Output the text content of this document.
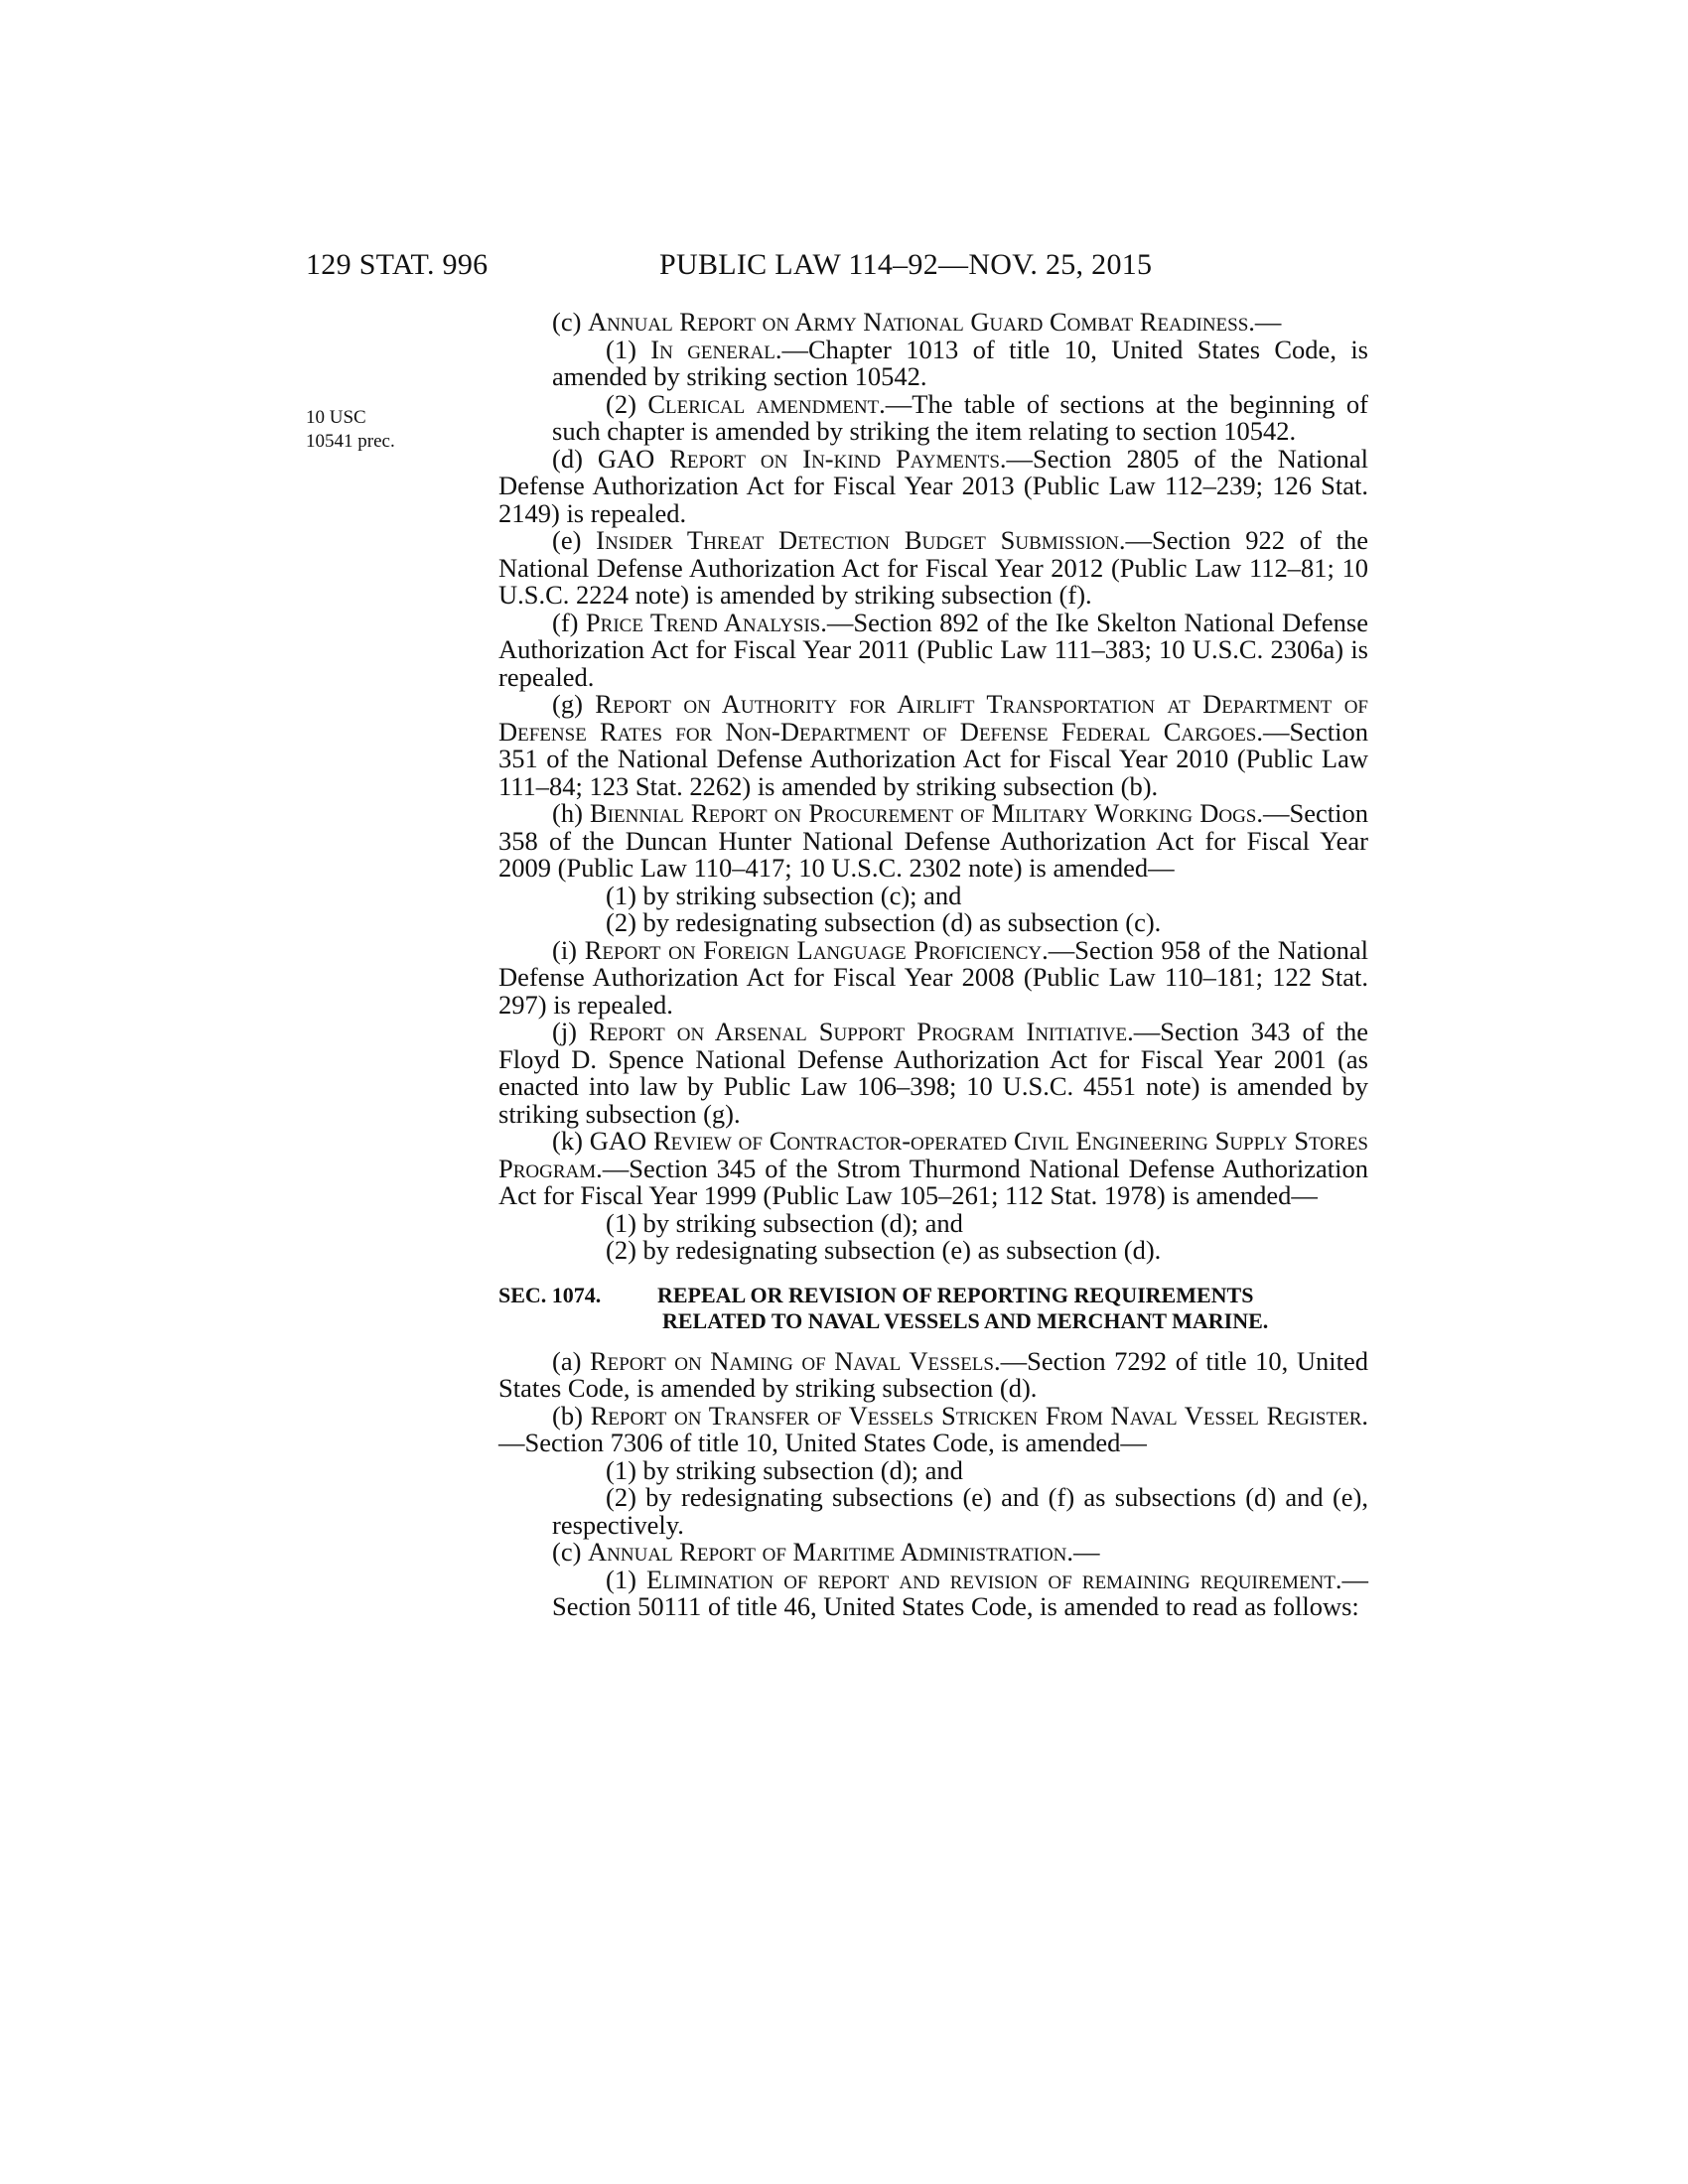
129 STAT. 996	PUBLIC LAW 114–92—NOV. 25, 2015
10 USC
10541 prec.

(c) Annual Report on Army National Guard Combat Readiness.—

(1) In general.—Chapter 1013 of title 10, United States Code, is amended by striking section 10542.

(2) Clerical amendment.—The table of sections at the beginning of such chapter is amended by striking the item relating to section 10542.

(d) GAO Report on In-kind Payments.—Section 2805 of the National Defense Authorization Act for Fiscal Year 2013 (Public Law 112–239; 126 Stat. 2149) is repealed.

(e) Insider Threat Detection Budget Submission.—Section 922 of the National Defense Authorization Act for Fiscal Year 2012 (Public Law 112–81; 10 U.S.C. 2224 note) is amended by striking subsection (f).

(f) Price Trend Analysis.—Section 892 of the Ike Skelton National Defense Authorization Act for Fiscal Year 2011 (Public Law 111–383; 10 U.S.C. 2306a) is repealed.

(g) Report on Authority for Airlift Transportation at Department of Defense Rates for Non-Department of Defense Federal Cargoes.—Section 351 of the National Defense Authorization Act for Fiscal Year 2010 (Public Law 111–84; 123 Stat. 2262) is amended by striking subsection (b).

(h) Biennial Report on Procurement of Military Working Dogs.—Section 358 of the Duncan Hunter National Defense Authorization Act for Fiscal Year 2009 (Public Law 110–417; 10 U.S.C. 2302 note) is amended—

(1) by striking subsection (c); and

(2) by redesignating subsection (d) as subsection (c).

(i) Report on Foreign Language Proficiency.—Section 958 of the National Defense Authorization Act for Fiscal Year 2008 (Public Law 110–181; 122 Stat. 297) is repealed.

(j) Report on Arsenal Support Program Initiative.—Section 343 of the Floyd D. Spence National Defense Authorization Act for Fiscal Year 2001 (as enacted into law by Public Law 106–398; 10 U.S.C. 4551 note) is amended by striking subsection (g).

(k) GAO Review of Contractor-operated Civil Engineering Supply Stores Program.—Section 345 of the Strom Thurmond National Defense Authorization Act for Fiscal Year 1999 (Public Law 105–261; 112 Stat. 1978) is amended—

(1) by striking subsection (d); and

(2) by redesignating subsection (e) as subsection (d).

SEC. 1074.	REPEAL OR REVISION OF REPORTING REQUIREMENTS
RELATED TO NAVAL VESSELS AND MERCHANT MARINE.

(a) Report on Naming of Naval Vessels.—Section 7292 of title 10, United States Code, is amended by striking subsection (d).

(b) Report on Transfer of Vessels Stricken From Naval Vessel Register.—Section 7306 of title 10, United States Code, is amended—

(1) by striking subsection (d); and

(2) by redesignating subsections (e) and (f) as subsections (d) and (e), respectively.

(c) Annual Report of Maritime Administration.—

(1) Elimination of report and revision of remaining requirement.—Section 50111 of title 46, United States Code, is amended to read as follows:
